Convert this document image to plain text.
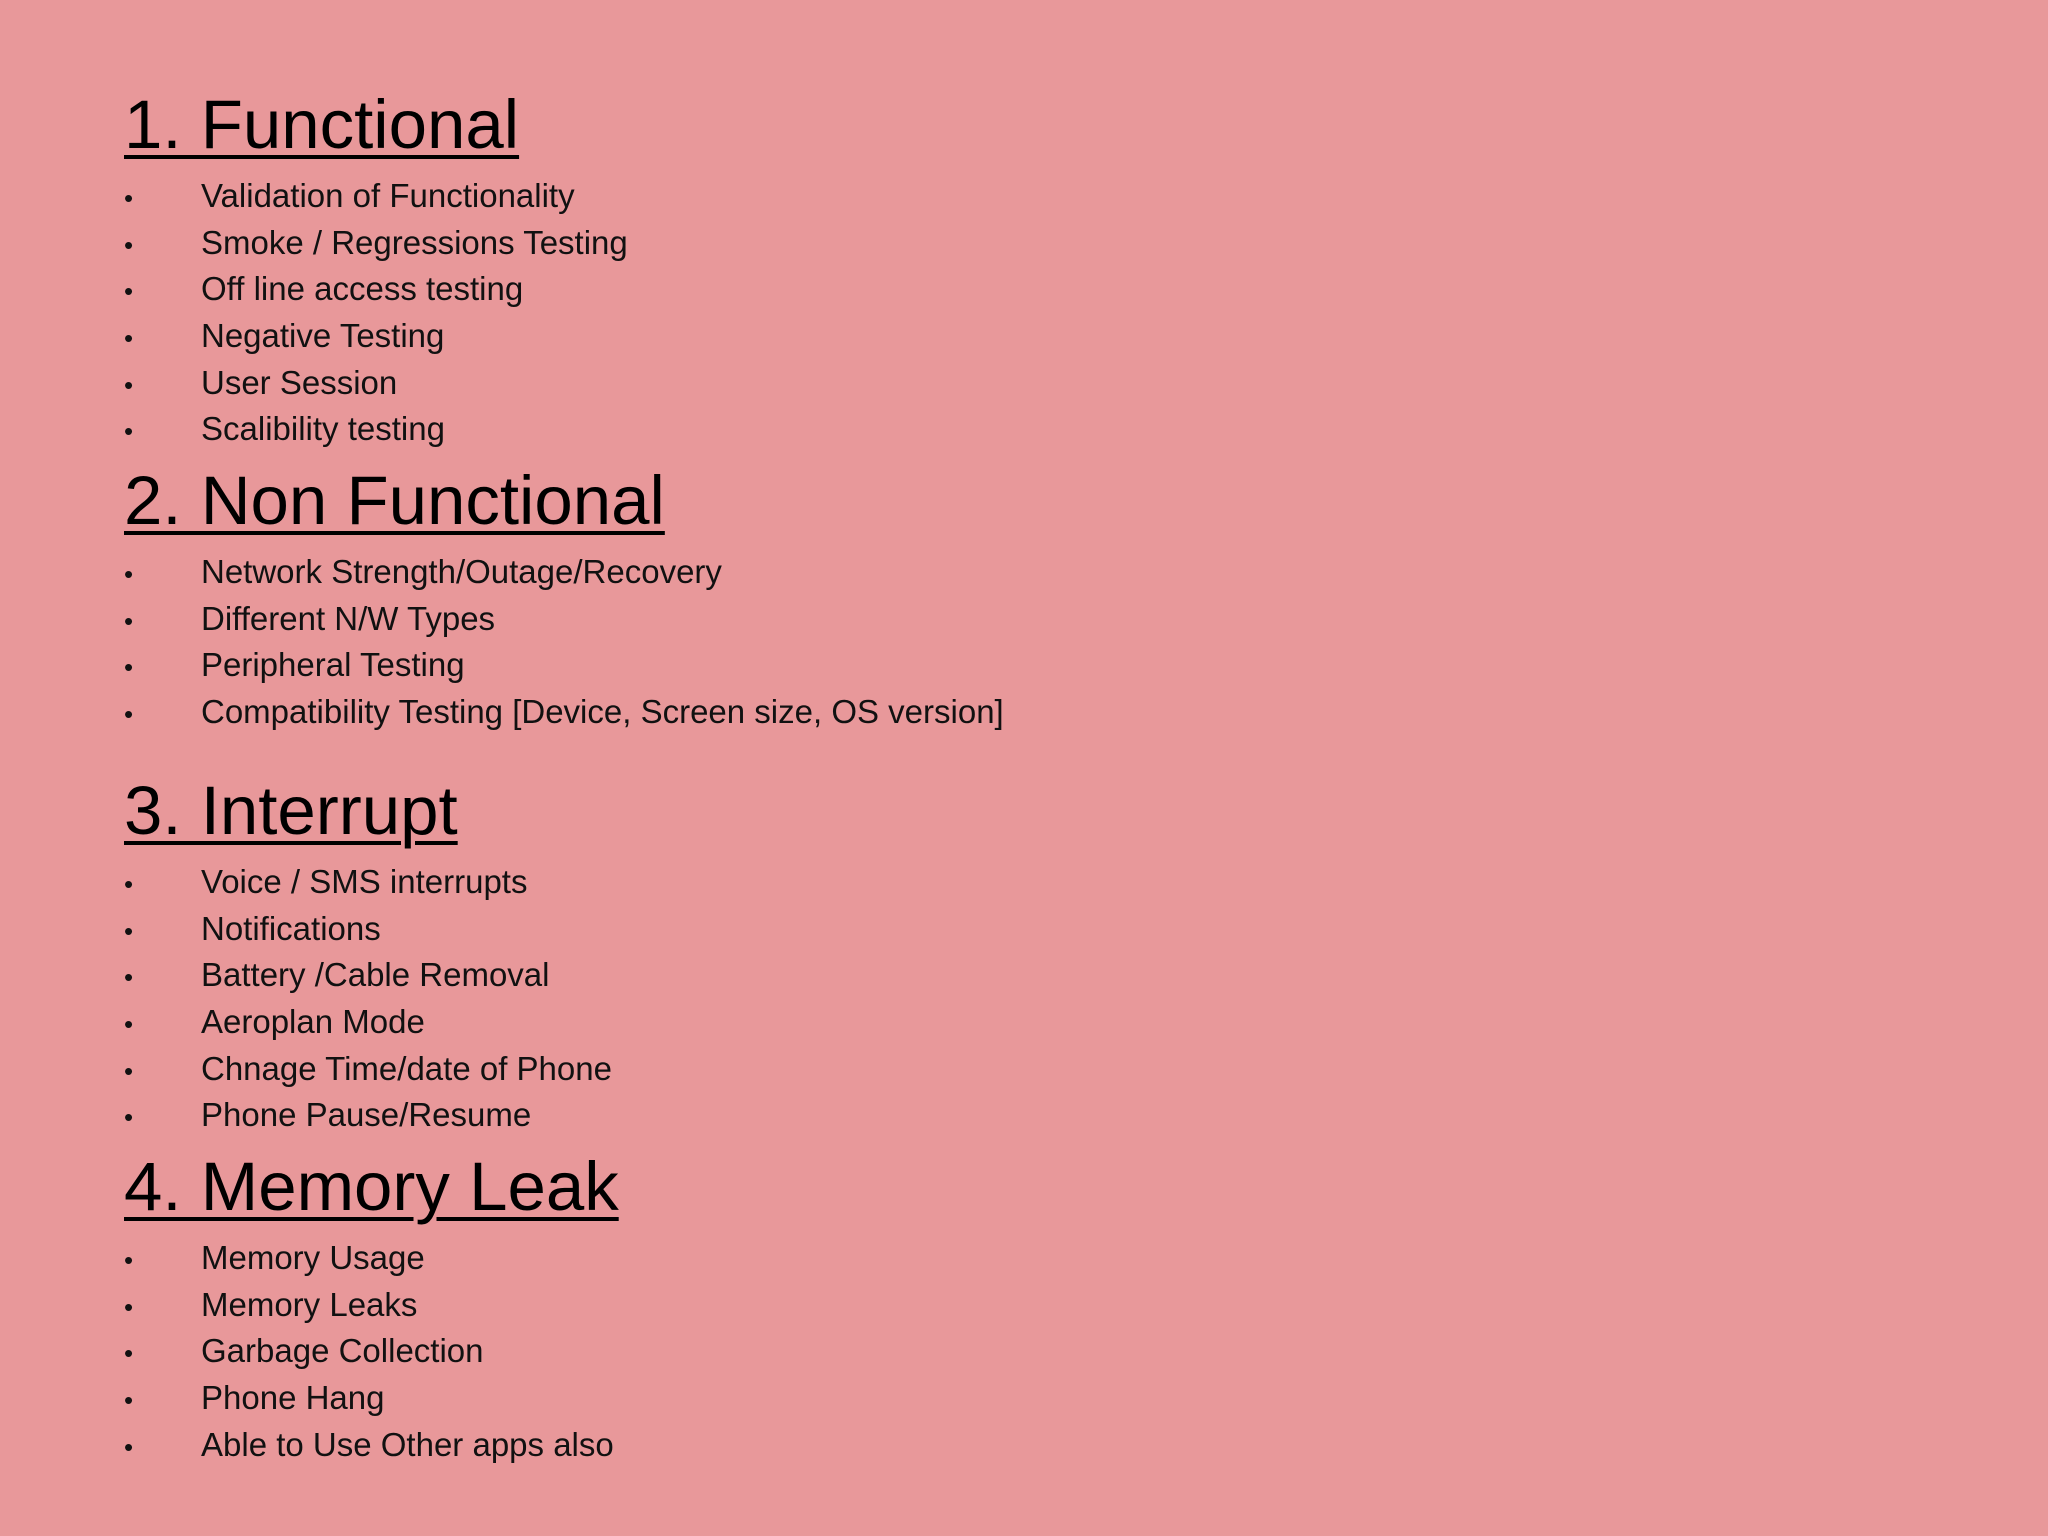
1. Functional
•	Validation of Functionality
•	Smoke / Regressions Testing
•	Off line access testing
•	Negative Testing
•	User Session
•	Scalibility testing
2. Non Functional
•	Network Strength/Outage/Recovery
•	Different N/W Types
•	Peripheral Testing
•	Compatibility Testing [Device, Screen size, OS version]
3. Interrupt
•	Voice / SMS interrupts
•	Notifications
•	Battery /Cable Removal
•	Aeroplan Mode
•	Chnage Time/date of Phone
•	Phone Pause/Resume
4. Memory Leak
•	Memory Usage
•	Memory Leaks
•	Garbage Collection
•	Phone Hang
•	Able to Use Other apps also
